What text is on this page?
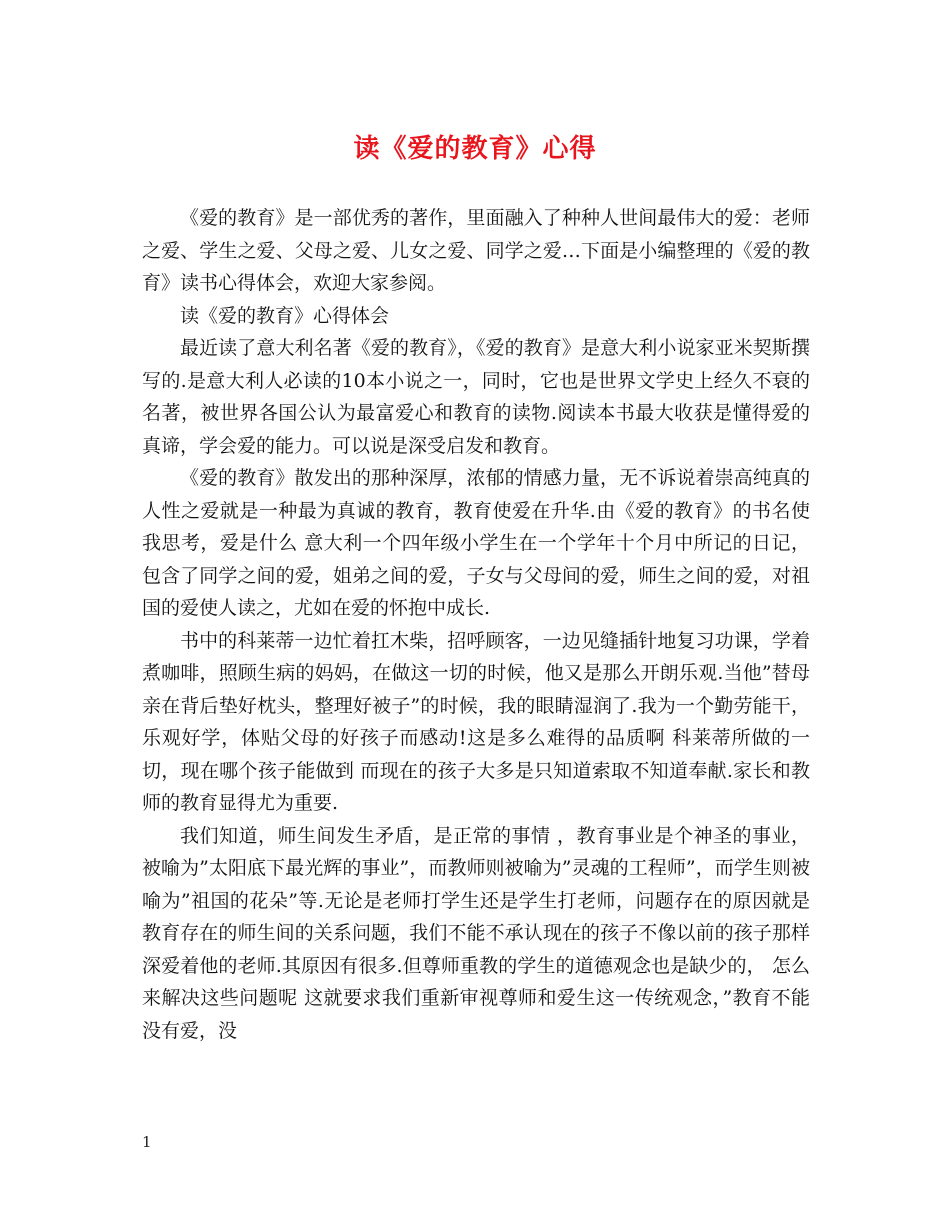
读《爱的教育》心得

《爱的教育》是一部优秀的著作，里面融入了种种人世间最伟大的爱：老师之爱、学生之爱、父母之爱、儿女之爱、同学之爱…下面是小编整理的《爱的教育》读书心得体会，欢迎大家参阅。

读《爱的教育》心得体会

最近读了意大利名著《爱的教育》，《爱的教育》是意大利小说家亚米契斯撰写的.是意大利人必读的10本小说之一，同时，它也是世界文学史上经久不衰的名著，被世界各国公认为最富爱心和教育的读物.阅读本书最大收获是懂得爱的真谛，学会爱的能力。可以说是深受启发和教育。

《爱的教育》散发出的那种深厚，浓郁的情感力量，无不诉说着崇高纯真的人性之爱就是一种最为真诚的教育，教育使爱在升华.由《爱的教育》的书名使我思考，爱是什么 意大利一个四年级小学生在一个学年十个月中所记的日记，包含了同学之间的爱，姐弟之间的爱，子女与父母间的爱，师生之间的爱，对祖国的爱使人读之，尤如在爱的怀抱中成长.

书中的科莱蒂一边忙着扛木柴，招呼顾客，一边见缝插针地复习功课，学着煮咖啡，照顾生病的妈妈，在做这一切的时候，他又是那么开朗乐观.当他”替母亲在背后垫好枕头，整理好被子”的时候，我的眼睛湿润了.我为一个勤劳能干，乐观好学，体贴父母的好孩子而感动!这是多么难得的品质啊 科莱蒂所做的一切，现在哪个孩子能做到 而现在的孩子大多是只知道索取不知道奉献.家长和教师的教育显得尤为重要.

我们知道，师生间发生矛盾，是正常的事情 ，教育事业是个神圣的事业，被喻为”太阳底下最光辉的事业”，而教师则被喻为”灵魂的工程师”，而学生则被喻为”祖国的花朵”等.无论是老师打学生还是学生打老师，问题存在的原因就是教育存在的师生间的关系问题，我们不能不承认现在的孩子不像以前的孩子那样深爱着他的老师.其原因有很多.但尊师重教的学生的道德观念也是缺少的， 怎么来解决这些问题呢 这就要求我们重新审视尊师和爱生这一传统观念，”教育不能没有爱，没

1
